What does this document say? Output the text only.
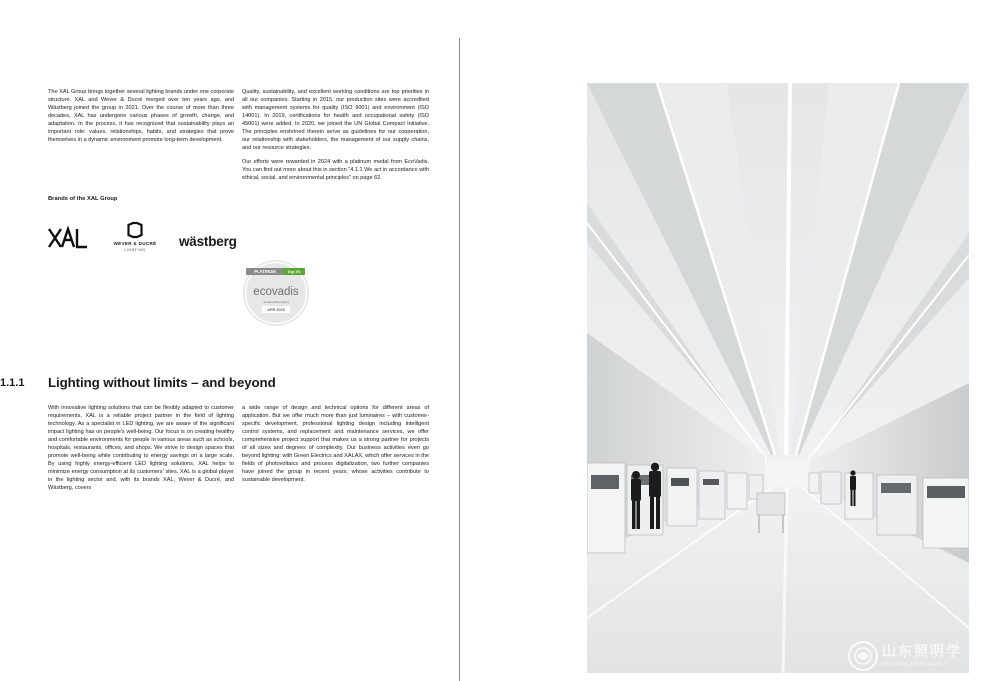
The XAL Group brings together several lighting brands under one corporate structure. XAL and Wever & Ducré merged over ten years ago, and Wästberg joined the group in 2021. Over the course of more than three decades, XAL has undergone various phases of growth, change, and adaptation. In the process, it has recognized that sustainability plays an important role: values, relationships, habits, and strategies that prove themselves in a dynamic environment promote long-term development.

Brands of the XAL Group
WEVER & DUCRÉ
LIGHTING
wästberg

Quality, sustainability, and excellent working conditions are top priorities in all our companies. Starting in 2015, our production sites were accredited with management systems for quality (ISO 9001) and environment (ISO 14001). In 2019, certifications for health and occupational safety (ISO 45001) were added. In 2020, we joined the UN Global Compact Initiative. The principles enshrined therein serve as guidelines for our cooperation, our relationship with stakeholders, the management of our supply chains, and our resource strategies.

Our efforts were rewarded in 2024 with a platinum medal from EcoVadis. You can find out more about this in section "4.1.1 We act in accordance with ethical, social, and environmental principles" on page 62.

PLATINUM	Top 1%
ecovadis
Sustainability Rating
APR 2025
1.1.1 Lighting without limits – and beyond

With innovative lighting solutions that can be flexibly adapted to customer requirements, XAL is a reliable project partner in the field of lighting technology. As a specialist in LED lighting, we are aware of the significant impact lighting has on people's well-being. Our focus is on creating healthy and comfortable environments for people in various areas such as schools, hospitals, restaurants, offices, and shops. We strive to design spaces that promote well-being while contributing to energy savings on a large scale. By using highly energy-efficient LED lighting solutions, XAL helps to minimize energy consumption at its customers' sites. XAL is a global player in the lighting sector and, with its brands XAL, Wever & Ducré, and Wästberg, covers

a wide range of design and technical options for different areas of application. But we offer much more than just luminaires – with customer-specific development, professional lighting design including intelligent control systems, and replacement and maintenance services, we offer comprehensive project support that makes us a strong partner for projects of all sizes and degrees of complexity. Our business activities even go beyond lighting: with Green Electrics and XALAX, which offer services in the fields of photovoltaics and process digitalization, two further companies have joined the group in recent years, whose activities contribute to sustainable development.

山东照明学
Shandong Illuminating
